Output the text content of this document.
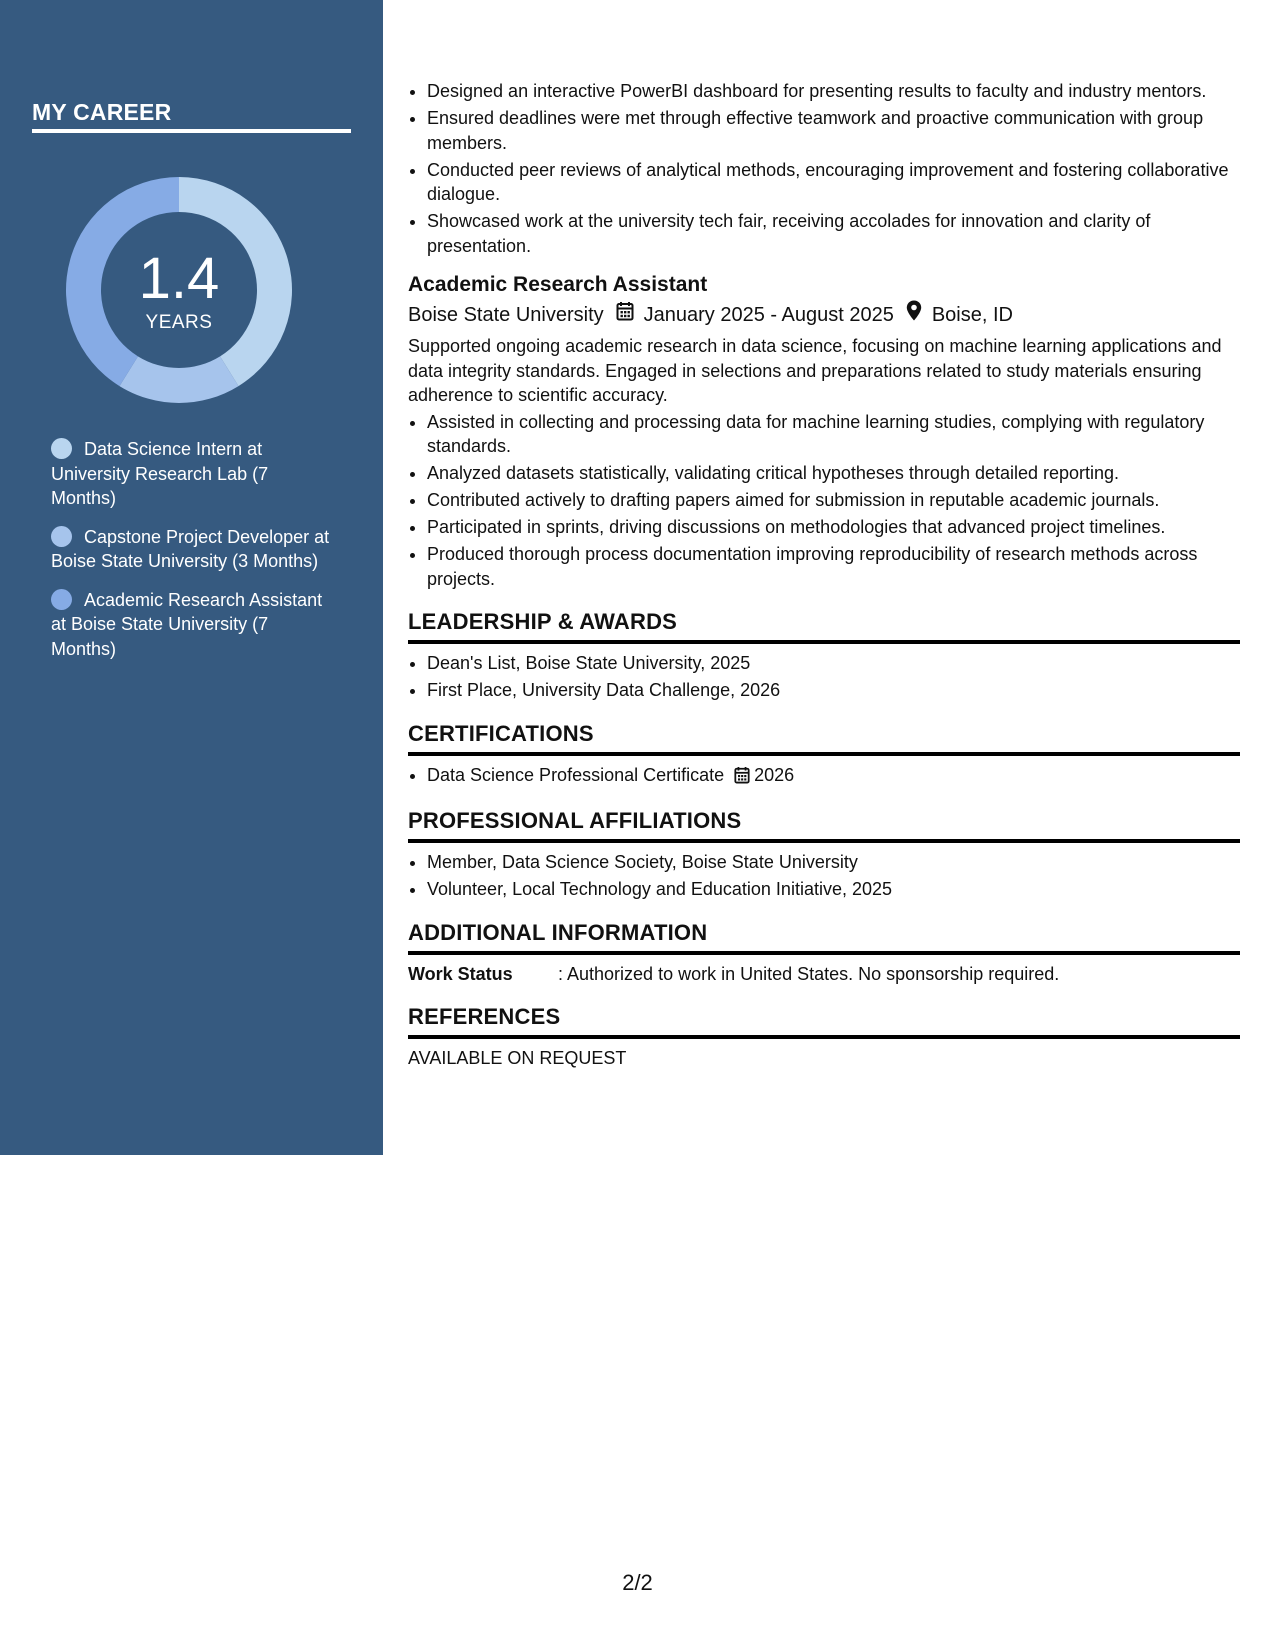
MY CAREER
1.4
YEARS
Data Science Intern at University Research Lab (7 Months)
Capstone Project Developer at Boise State University (3 Months)
Academic Research Assistant at Boise State University (7 Months)
• Designed an interactive PowerBI dashboard for presenting results to faculty and industry mentors.
• Ensured deadlines were met through effective teamwork and proactive communication with group members.
• Conducted peer reviews of analytical methods, encouraging improvement and fostering collaborative dialogue.
• Showcased work at the university tech fair, receiving accolades for innovation and clarity of presentation.
Academic Research Assistant
Boise State University January 2025 - August 2025 Boise, ID
Supported ongoing academic research in data science, focusing on machine learning applications and data integrity standards. Engaged in selections and preparations related to study materials ensuring adherence to scientific accuracy.
• Assisted in collecting and processing data for machine learning studies, complying with regulatory standards.
• Analyzed datasets statistically, validating critical hypotheses through detailed reporting.
• Contributed actively to drafting papers aimed for submission in reputable academic journals.
• Participated in sprints, driving discussions on methodologies that advanced project timelines.
• Produced thorough process documentation improving reproducibility of research methods across projects.
LEADERSHIP & AWARDS
• Dean's List, Boise State University, 2025
• First Place, University Data Challenge, 2026
CERTIFICATIONS
• Data Science Professional Certificate 2026
PROFESSIONAL AFFILIATIONS
• Member, Data Science Society, Boise State University
• Volunteer, Local Technology and Education Initiative, 2025
ADDITIONAL INFORMATION
Work Status	: Authorized to work in United States. No sponsorship required.
REFERENCES
AVAILABLE ON REQUEST
2/2
